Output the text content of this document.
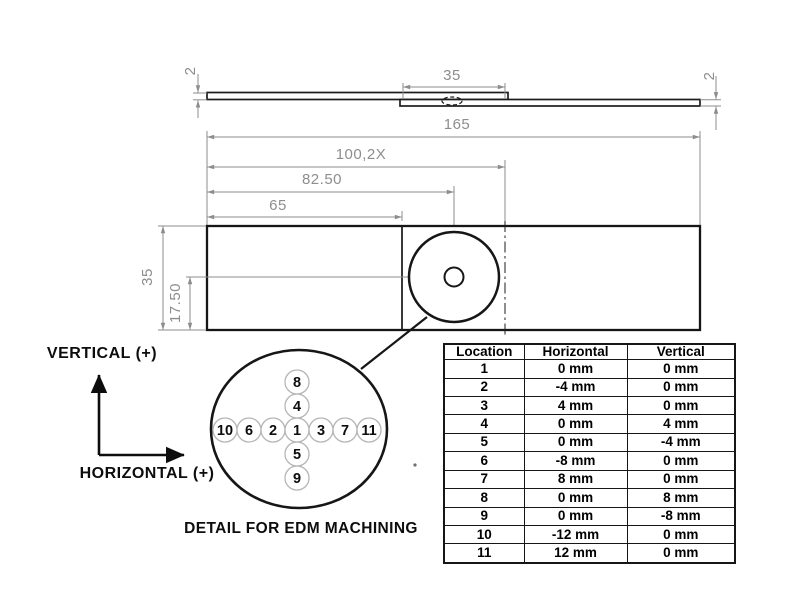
35
2
2
165
100,2X
82.50
65
35
17.50
VERTICAL (+)
HORIZONTAL (+)
10 6 2 1 3 7 11
8
4
5
9
DETAIL FOR EDM MACHINING
Location	Horizontal	Vertical
1	0 mm	0 mm
2	-4 mm	0 mm
3	4 mm	0 mm
4	0 mm	4 mm
5	0 mm	-4 mm
6	-8 mm	0 mm
7	8 mm	0 mm
8	0 mm	8 mm
9	0 mm	-8 mm
10	-12 mm	0 mm
11	12 mm	0 mm
